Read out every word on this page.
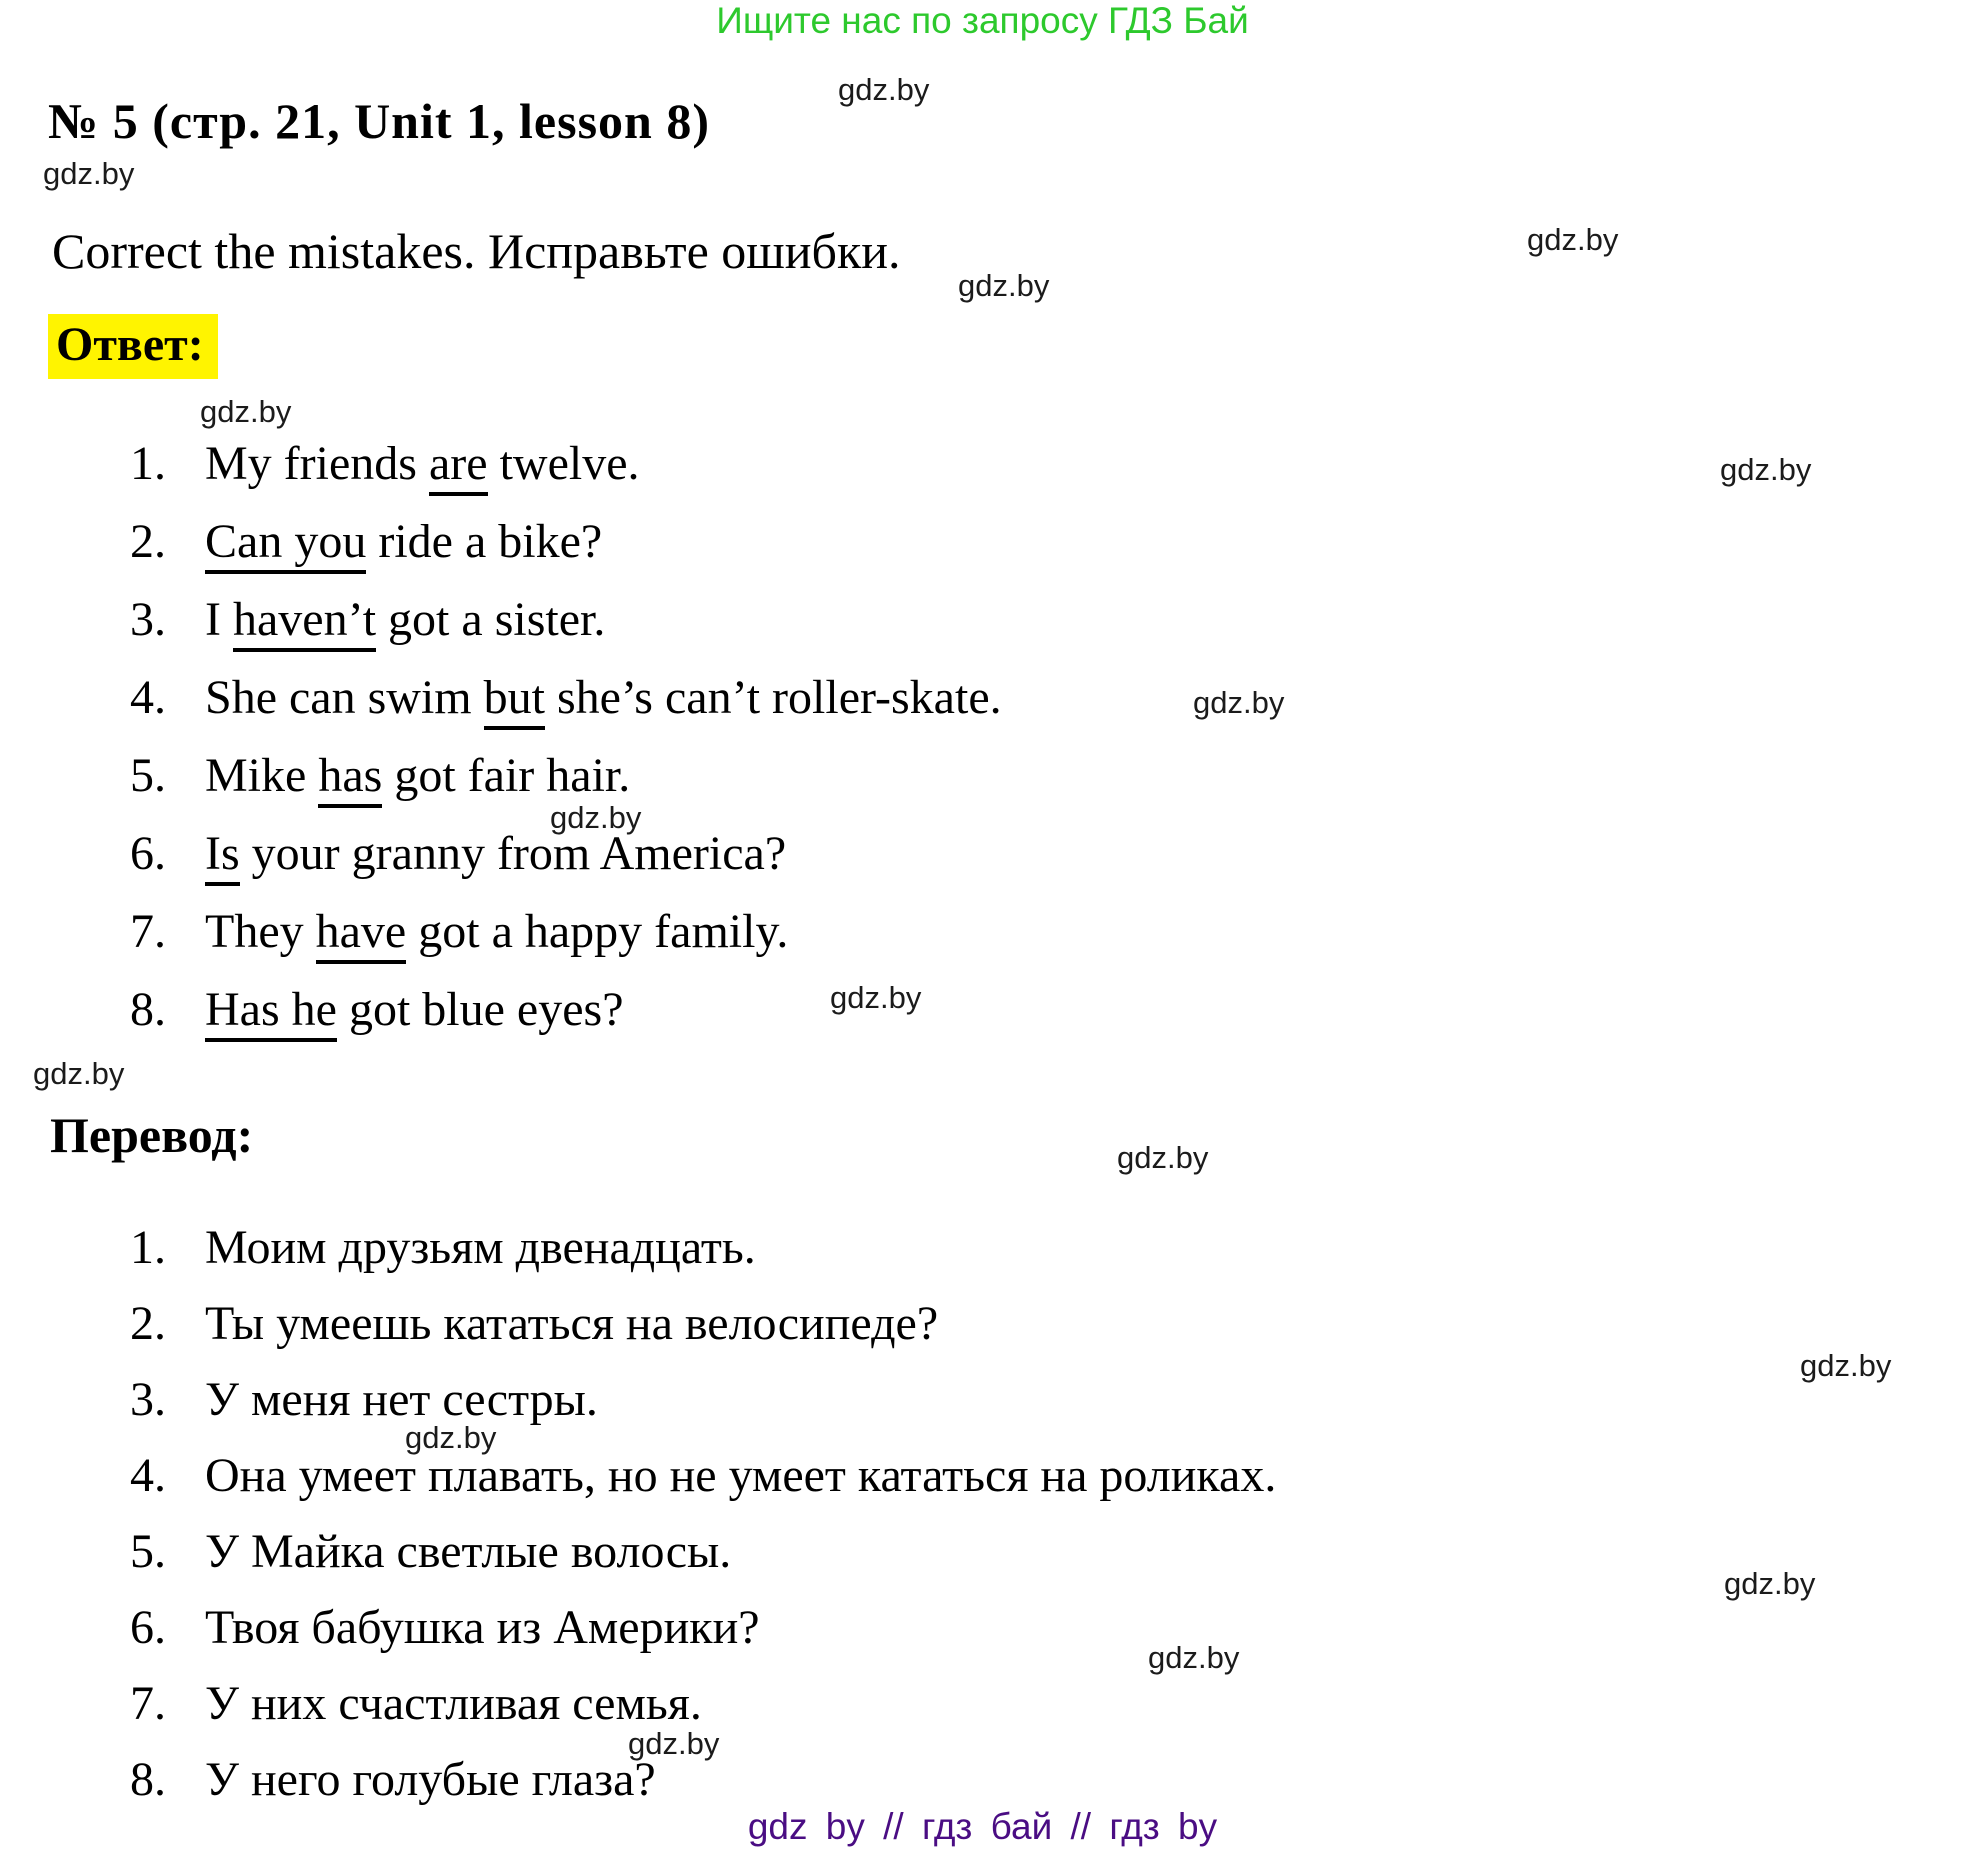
Ищите нас по запросу ГДЗ Бай
№ 5 (стр. 21, Unit 1, lesson 8)
Correct the mistakes. Исправьте ошибки.
Ответ:
1. My friends are twelve.
2. Can you ride a bike?
3. I haven’t got a sister.
4. She can swim but she’s can’t roller-skate.
5. Mike has got fair hair.
6. Is your granny from America?
7. They have got a happy family.
8. Has he got blue eyes?
Перевод:
1. Моим друзьям двенадцать.
2. Ты умеешь кататься на велосипеде?
3. У меня нет сестры.
4. Она умеет плавать, но не умеет кататься на роликах.
5. У Майка светлые волосы.
6. Твоя бабушка из Америки?
7. У них счастливая семья.
8. У него голубые глаза?
gdz.by
gdz.by
gdz.by
gdz.by
gdz.by
gdz.by
gdz.by
gdz.by
gdz.by
gdz.by
gdz.by
gdz.by
gdz.by
gdz.by
gdz.by
gdz.by
gdz by // гдз бай // гдз by
